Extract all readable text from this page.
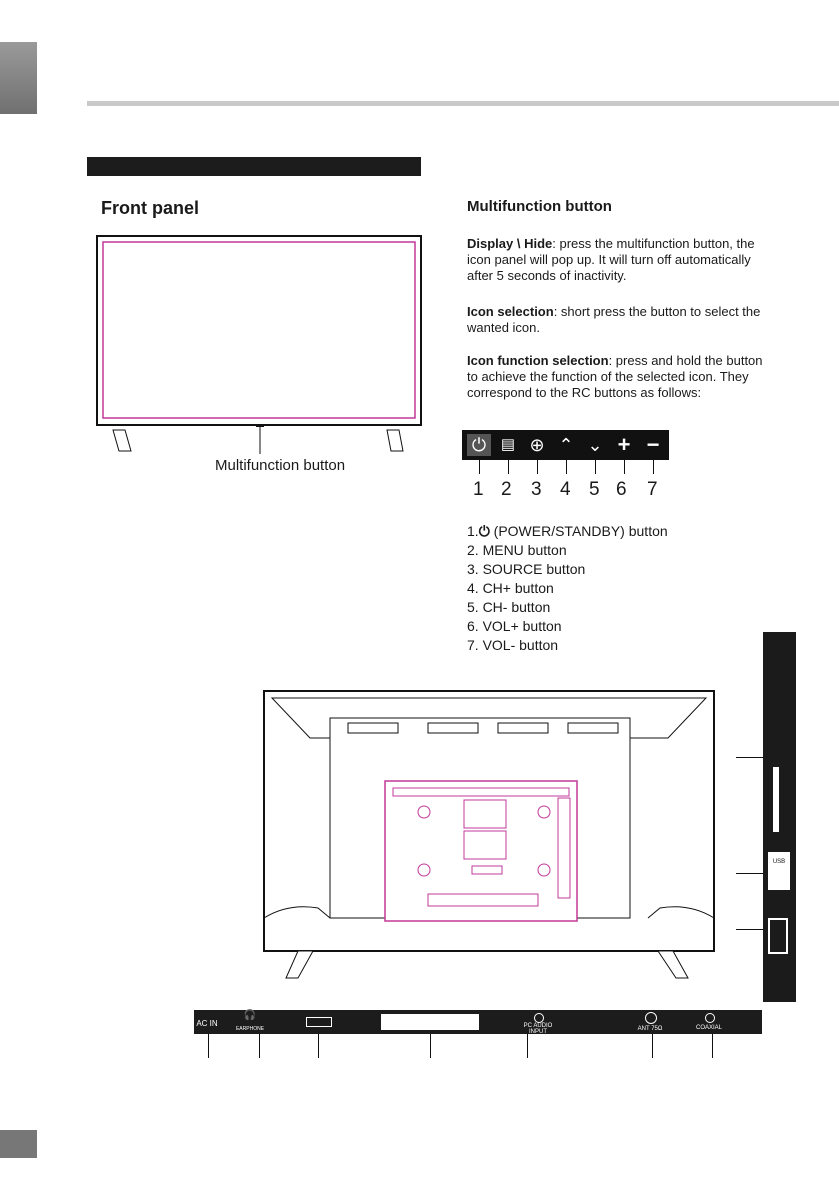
Front panel
Multifunction button
Multifunction button
Display \ Hide: press the multifunction button, the icon panel will pop up. It will turn off automatically after 5 seconds of inactivity.
Icon selection: short press the button to select the wanted icon.
Icon function selection: press and hold the button to achieve the function of the selected icon. They correspond to the RC buttons as follows:
⏻ ▤ ⊕ ⌃ ⌄ + −
1 2 3 4 5 6 7
1.⏻ (POWER/STANDBY) button
2. MENU button
3. SOURCE button
4. CH+ button
5. CH- button
6. VOL+ button
7. VOL- button
USB
AC IN
🎧
EARPHONE	PC AUDIO
INPUT	ANT 75Ω	COAXIAL
